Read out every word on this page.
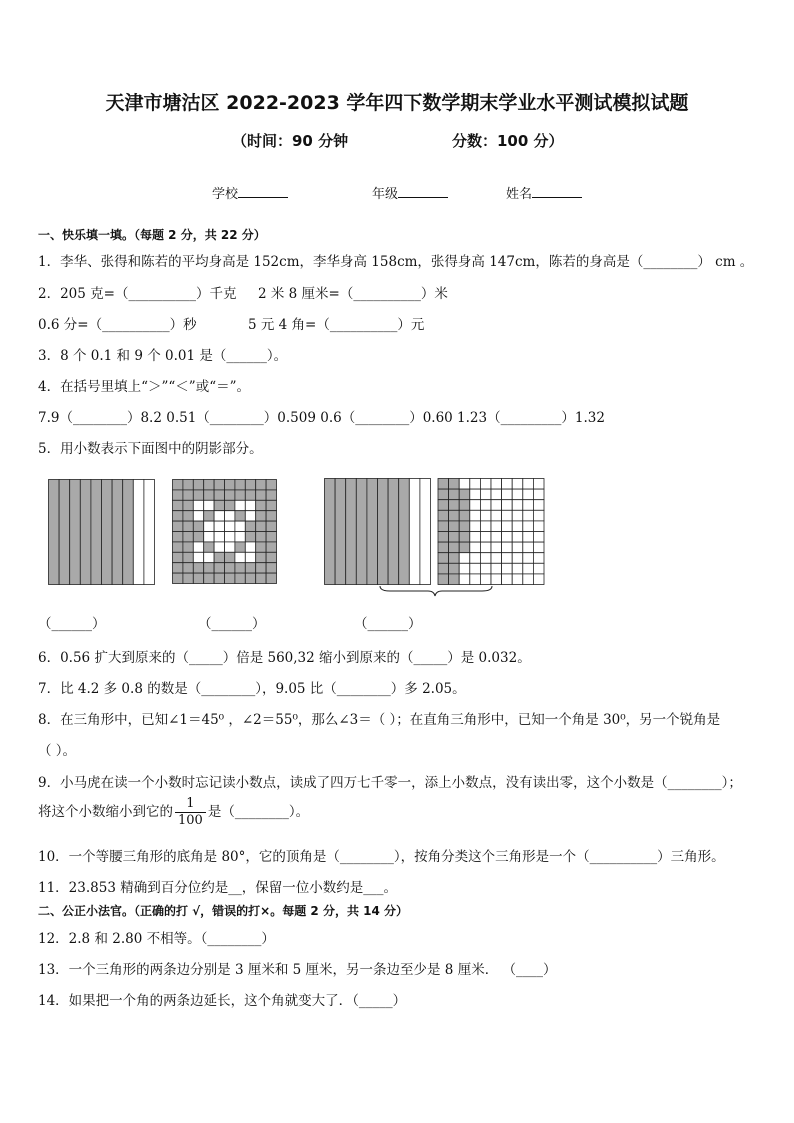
天津市塘沽区 2022-2023 学年四下数学期末学业水平测试模拟试题
（时间：90 分钟	分数：100 分）
学校	年级	姓名
一、快乐填一填。（每题 2 分，共 22 分）
1．李华、张得和陈若的平均身高是 152cm，李华身高 158cm，张得身高 147cm，陈若的身高是（________） cm 。
2．205 克=（__________）千克 2 米 8 厘米=（__________）米
0.6 分=（__________）秒	5 元 4 角=（__________）元
3．8 个 0.1 和 9 个 0.01 是（______）。
4．在括号里填上“＞”“＜”或“＝”。
7.9（________）8.2 0.51（________）0.509 0.6（________）0.60 1.23（_________）1.32
5．用小数表示下面图中的阴影部分。
（______）	（______）	（______）
6．0.56 扩大到原来的（_____）倍是 560,32 缩小到原来的（_____）是 0.032。
7．比 4.2 多 0.8 的数是（________），9.05 比（________）多 2.05。
8．在三角形中，已知∠1＝45⁰ ，∠2＝55⁰，那么∠3＝（ ）；在直角三角形中，已知一个角是 30⁰，另一个锐角是
（ ）。
9．小马虎在读一个小数时忘记读小数点，读成了四万七千零一，添上小数点，没有读出零，这个小数是（________）；
将这个小数缩小到它的 $\frac{1}{100}$ 是（________）。
10．一个等腰三角形的底角是 80°，它的顶角是（________），按角分类这个三角形是一个（__________）三角形。
11．23.853 精确到百分位约是__，保留一位小数约是___。
二、公正小法官。（正确的打 √，错误的打×。每题 2 分，共 14 分）
12．2.8 和 2.80 不相等。（________）
13．一个三角形的两条边分别是 3 厘米和 5 厘米，另一条边至少是 8 厘米． （____）
14．如果把一个角的两条边延长，这个角就变大了．（_____）
